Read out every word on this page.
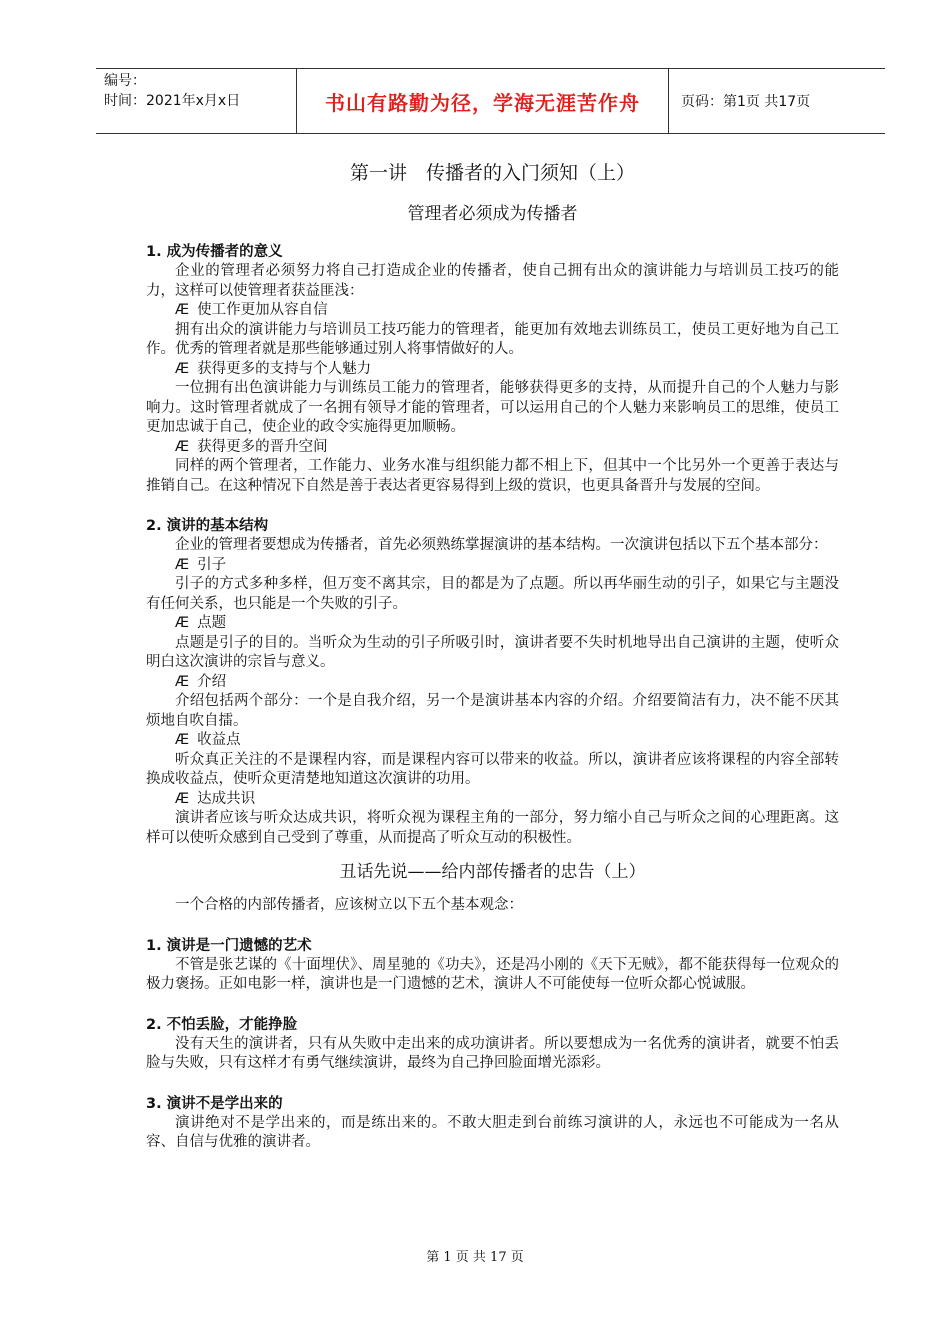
编号：
时间：2021年x月x日	书山有路勤为径，学海无涯苦作舟	页码：第1页 共17页
第一讲　传播者的入门须知（上）
管理者必须成为传播者
1. 成为传播者的意义

企业的管理者必须努力将自己打造成企业的传播者，使自己拥有出众的演讲能力与培训员工技巧的能力，这样可以使管理者获益匪浅：

Æ 使工作更加从容自信

拥有出众的演讲能力与培训员工技巧能力的管理者，能更加有效地去训练员工，使员工更好地为自己工作。优秀的管理者就是那些能够通过别人将事情做好的人。

Æ 获得更多的支持与个人魅力

一位拥有出色演讲能力与训练员工能力的管理者，能够获得更多的支持，从而提升自己的个人魅力与影响力。这时管理者就成了一名拥有领导才能的管理者，可以运用自己的个人魅力来影响员工的思维，使员工更加忠诚于自己，使企业的政令实施得更加顺畅。

Æ 获得更多的晋升空间

同样的两个管理者，工作能力、业务水准与组织能力都不相上下，但其中一个比另外一个更善于表达与推销自己。在这种情况下自然是善于表达者更容易得到上级的赏识，也更具备晋升与发展的空间。

2. 演讲的基本结构

企业的管理者要想成为传播者，首先必须熟练掌握演讲的基本结构。一次演讲包括以下五个基本部分：

Æ 引子

引子的方式多种多样，但万变不离其宗，目的都是为了点题。所以再华丽生动的引子，如果它与主题没有任何关系，也只能是一个失败的引子。

Æ 点题

点题是引子的目的。当听众为生动的引子所吸引时，演讲者要不失时机地导出自己演讲的主题，使听众明白这次演讲的宗旨与意义。

Æ 介绍

介绍包括两个部分：一个是自我介绍，另一个是演讲基本内容的介绍。介绍要简洁有力，决不能不厌其烦地自吹自擂。

Æ 收益点

听众真正关注的不是课程内容，而是课程内容可以带来的收益。所以，演讲者应该将课程的内容全部转换成收益点，使听众更清楚地知道这次演讲的功用。

Æ 达成共识

演讲者应该与听众达成共识，将听众视为课程主角的一部分，努力缩小自己与听众之间的心理距离。这样可以使听众感到自己受到了尊重，从而提高了听众互动的积极性。

丑话先说——给内部传播者的忠告（上）

一个合格的内部传播者，应该树立以下五个基本观念：

1. 演讲是一门遗憾的艺术

不管是张艺谋的《十面埋伏》、周星驰的《功夫》，还是冯小刚的《天下无贼》，都不能获得每一位观众的极力褒扬。正如电影一样，演讲也是一门遗憾的艺术，演讲人不可能使每一位听众都心悦诚服。

2. 不怕丢脸，才能挣脸

没有天生的演讲者，只有从失败中走出来的成功演讲者。所以要想成为一名优秀的演讲者，就要不怕丢脸与失败，只有这样才有勇气继续演讲，最终为自己挣回脸面增光添彩。

3. 演讲不是学出来的

演讲绝对不是学出来的，而是练出来的。不敢大胆走到台前练习演讲的人，永远也不可能成为一名从容、自信与优雅的演讲者。

第 1 页 共 17 页
